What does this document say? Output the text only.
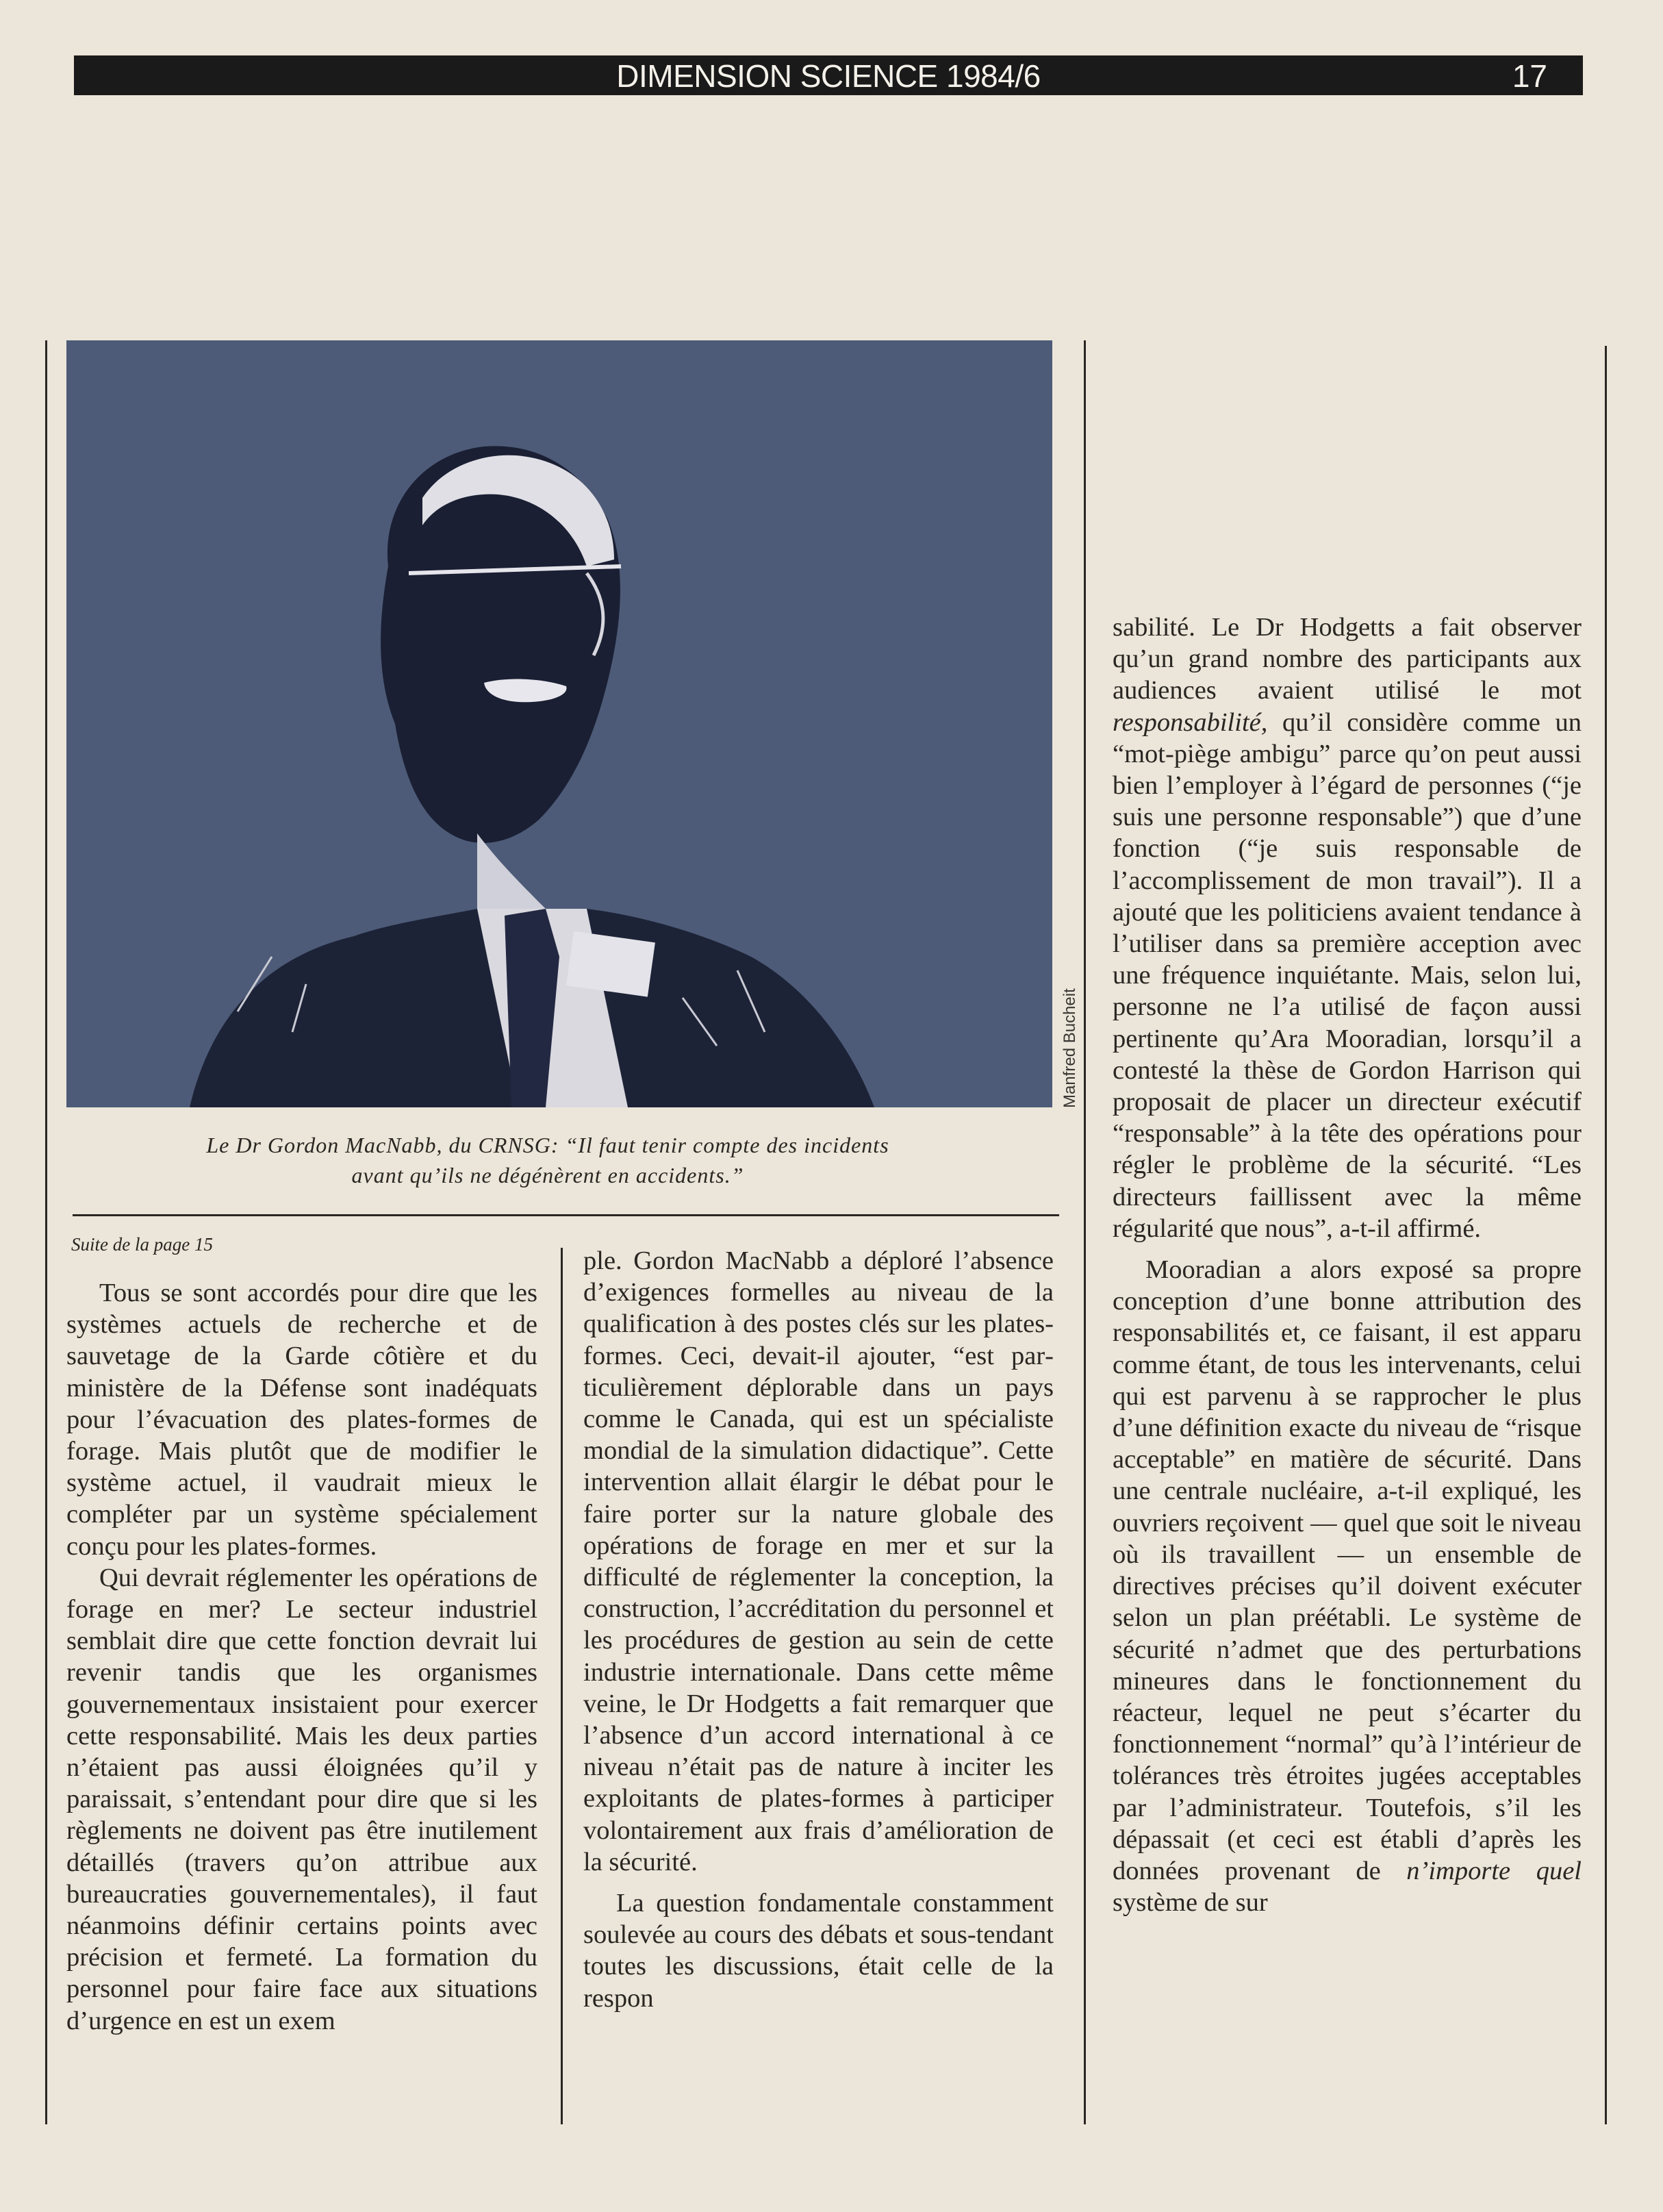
DIMENSION SCIENCE 1984/6	17
Manfred Bucheit
Le Dr Gordon MacNabb, du CRNSG: “Il faut tenir compte des incidents
avant qu’ils ne dégénèrent en accidents.”
Suite de la page 15

Tous se sont accordés pour dire que les systèmes actuels de recherche et de sauvetage de la Garde côtière et du ministère de la Défense sont inadéquats pour l’évacuation des plates-formes de forage. Mais plutôt que de modifier le système actuel, il vaudrait mieux le compléter par un système spécialement conçu pour les plates-formes.

Qui devrait réglementer les opérations de forage en mer? Le secteur industriel semblait dire que cette fonction devrait lui revenir tandis que les organismes gouvernementaux insistaient pour exercer cette responsabilité. Mais les deux parties n’étaient pas aussi éloignées qu’il y paraissait, s’entendant pour dire que si les règlements ne doivent pas être inutilement détaillés (travers qu’on attribue aux bureaucraties gouvernementales), il faut néanmoins définir certains points avec précision et fermeté. La formation du personnel pour faire face aux situations d’urgence en est un exem

ple. Gordon MacNabb a déploré l’absence d’exigences formelles au niveau de la qualification à des postes clés sur les plates-formes. Ceci, devait-il ajouter, “est particulièrement déplorable dans un pays comme le Canada, qui est un spécialiste mondial de la simulation didactique”. Cette intervention allait élargir le débat pour le faire porter sur la nature globale des opérations de forage en mer et sur la difficulté de réglementer la conception, la construction, l’accréditation du personnel et les procédures de gestion au sein de cette industrie internationale. Dans cette même veine, le Dr Hodgetts a fait remarquer que l’absence d’un accord international à ce niveau n’était pas de nature à inciter les exploitants de plates-formes à participer volontairement aux frais d’amélioration de la sécurité.

La question fondamentale constamment soulevée au cours des débats et sous-tendant toutes les discussions, était celle de la respon

sabilité. Le Dr Hodgetts a fait observer qu’un grand nombre des participants aux audiences avaient utilisé le mot responsabilité, qu’il considère comme un “mot-piège ambigu” parce qu’on peut aussi bien l’employer à l’égard de personnes (“je suis une personne responsable”) que d’une fonction (“je suis responsable de l’accomplissement de mon travail”). Il a ajouté que les politiciens avaient tendance à l’utiliser dans sa première acception avec une fréquence inquiétante. Mais, selon lui, personne ne l’a utilisé de façon aussi pertinente qu’Ara Mooradian, lorsqu’il a contesté la thèse de Gordon Harrison qui proposait de placer un directeur exécutif “responsable” à la tête des opérations pour régler le problème de la sécurité. “Les directeurs faillissent avec la même régularité que nous”, a-t-il affirmé.

Mooradian a alors exposé sa propre conception d’une bonne attribution des responsabilités et, ce faisant, il est apparu comme étant, de tous les intervenants, celui qui est parvenu à se rapprocher le plus d’une définition exacte du niveau de “risque acceptable” en matière de sécurité. Dans une centrale nucléaire, a-t-il expliqué, les ouvriers reçoivent — quel que soit le niveau où ils travaillent — un ensemble de directives précises qu’il doivent exécuter selon un plan préétabli. Le système de sécurité n’admet que des perturbations mineures dans le fonctionnement du réacteur, lequel ne peut s’écarter du fonctionnement “normal” qu’à l’intérieur de tolérances très étroites jugées acceptables par l’administrateur. Toutefois, s’il les dépassait (et ceci est établi d’après les données provenant de n’importe quel système de sur
